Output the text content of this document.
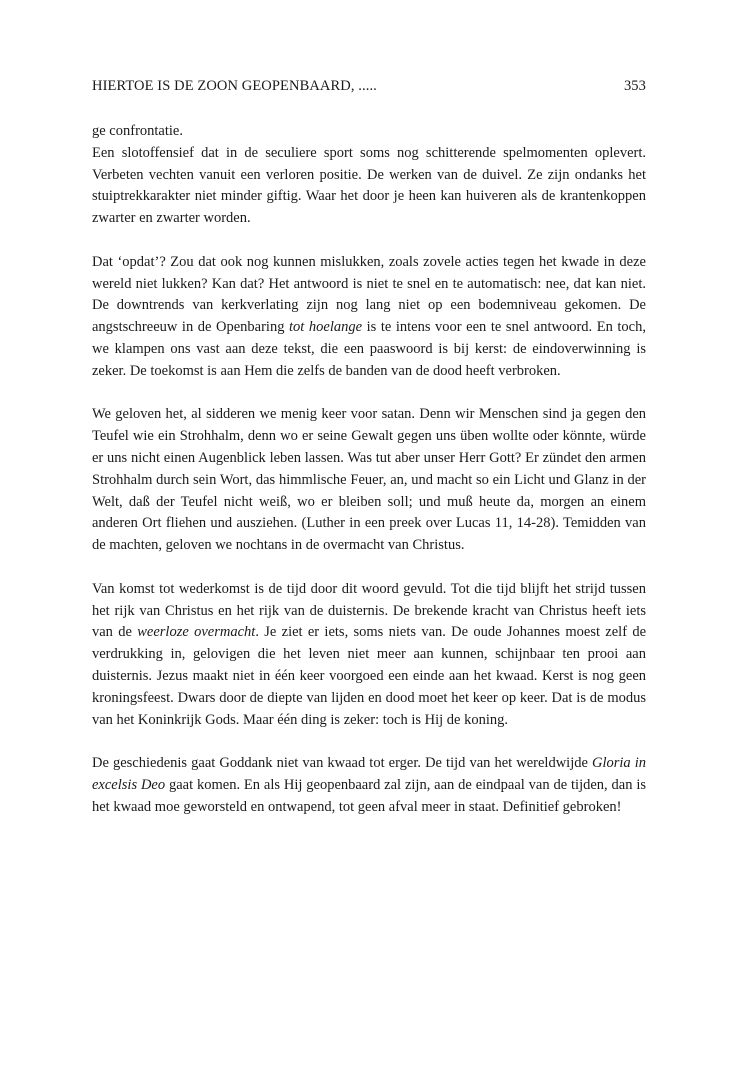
HIERTOE IS DE ZOON GEOPENBAARD, .....	353

ge confrontatie.

Een slotoffensief dat in de seculiere sport soms nog schitterende spelmomenten oplevert. Verbeten vechten vanuit een verloren positie. De werken van de duivel. Ze zijn ondanks het stuiptrekkarakter niet minder giftig. Waar het door je heen kan huiveren als de krantenkoppen zwarter en zwarter worden.

Dat ‘opdat’? Zou dat ook nog kunnen mislukken, zoals zovele acties tegen het kwade in deze wereld niet lukken? Kan dat? Het antwoord is niet te snel en te automatisch: nee, dat kan niet. De downtrends van kerkverlating zijn nog lang niet op een bodemniveau gekomen. De angstschreeuw in de Openbaring tot hoelange is te intens voor een te snel antwoord. En toch, we klampen ons vast aan deze tekst, die een paaswoord is bij kerst: de eindoverwinning is zeker. De toekomst is aan Hem die zelfs de banden van de dood heeft verbroken.

We geloven het, al sidderen we menig keer voor satan. Denn wir Menschen sind ja gegen den Teufel wie ein Strohhalm, denn wo er seine Gewalt gegen uns üben wollte oder könnte, würde er uns nicht einen Augenblick leben lassen. Was tut aber unser Herr Gott? Er zündet den armen Strohhalm durch sein Wort, das himmlische Feuer, an, und macht so ein Licht und Glanz in der Welt, daß der Teufel nicht weiß, wo er bleiben soll; und muß heute da, morgen an einem anderen Ort fliehen und ausziehen. (Luther in een preek over Lucas 11, 14-28). Temidden van de machten, geloven we nochtans in de overmacht van Christus.

Van komst tot wederkomst is de tijd door dit woord gevuld. Tot die tijd blijft het strijd tussen het rijk van Christus en het rijk van de duisternis. De brekende kracht van Christus heeft iets van de weerloze overmacht. Je ziet er iets, soms niets van. De oude Johannes moest zelf de verdrukking in, gelovigen die het leven niet meer aan kunnen, schijnbaar ten prooi aan duisternis. Jezus maakt niet in één keer voorgoed een einde aan het kwaad. Kerst is nog geen kroningsfeest. Dwars door de diepte van lijden en dood moet het keer op keer. Dat is de modus van het Koninkrijk Gods. Maar één ding is zeker: toch is Hij de koning.

De geschiedenis gaat Goddank niet van kwaad tot erger. De tijd van het wereldwijde Gloria in excelsis Deo gaat komen. En als Hij geopenbaard zal zijn, aan de eindpaal van de tijden, dan is het kwaad moe geworsteld en ontwapend, tot geen afval meer in staat. Definitief gebroken!
